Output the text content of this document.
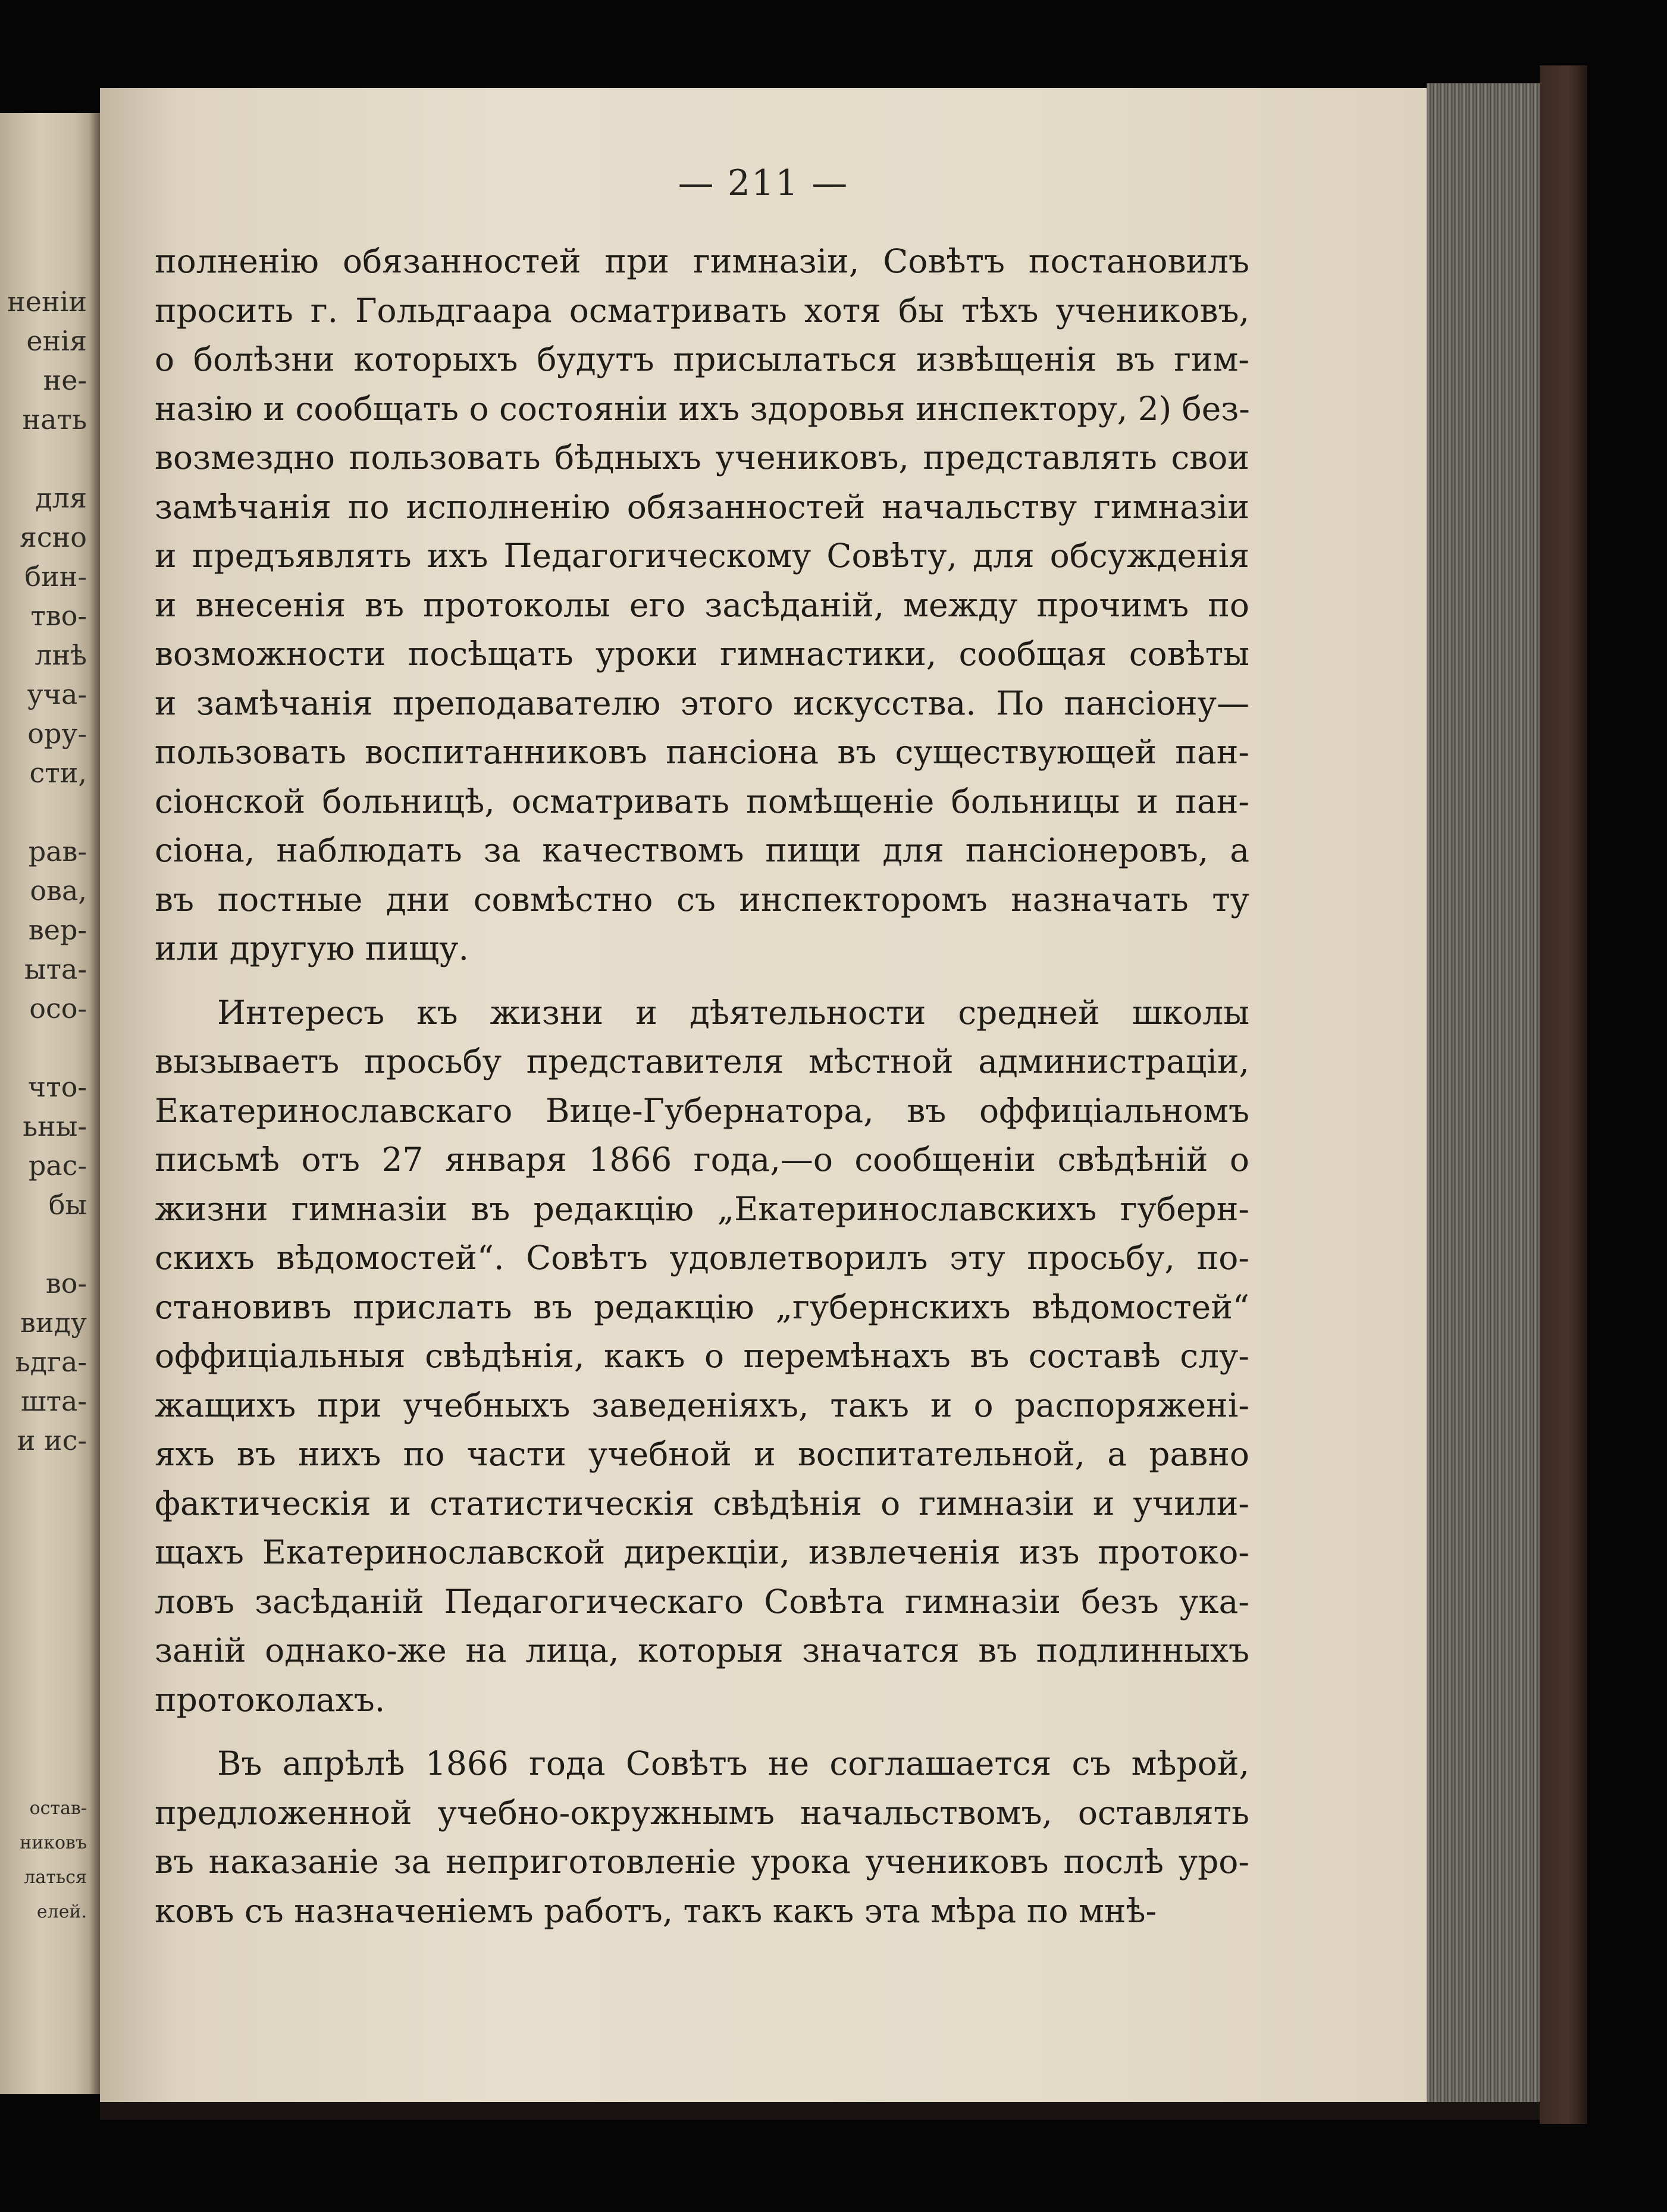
ненiи
енiя
не-
нать
для
ясно
бин-
тво-
лнѣ
уча-
ору-
сти,
рав-
ова,
вер-
ыта-
осо-
что-
ьны-
рас-
бы
во-
виду
ьдга-
шта-
и ис-
остав-
никовъ
латься
елей.
— 211 —
полненiю обязанностей при гимназiи, Совѣтъ постановилъ
просить г. Гольдгаара осматривать хотя бы тѣхъ учениковъ,
о болѣзни которыхъ будутъ присылаться извѣщенiя въ гим-
назiю и сообщать о состоянiи ихъ здоровья инспектору, 2) без-
возмездно пользовать бѣдныхъ учениковъ, представлять свои
замѣчанiя по исполненiю обязанностей начальству гимназiи
и предъявлять ихъ Педагогическому Совѣту, для обсужденiя
и внесенiя въ протоколы его засѣданiй, между прочимъ по
возможности посѣщать уроки гимнастики, сообщая совѣты
и замѣчанiя преподавателю этого искусства. По пансiону—
пользовать воспитанниковъ пансiона въ существующей пан-
сiонской больницѣ, осматривать помѣщенiе больницы и пан-
сiона, наблюдать за качествомъ пищи для пансiонеровъ, а
въ постные дни совмѣстно съ инспекторомъ назначать ту
или другую пищу.
Интересъ къ жизни и дѣятельности средней школы
вызываетъ просьбу представителя мѣстной администрацiи,
Екатеринославскаго Вице-Губернатора, въ оффицiальномъ
письмѣ отъ 27 января 1866 года,—о сообщенiи свѣдѣнiй о
жизни гимназiи въ редакцiю „Екатеринославскихъ губерн-
скихъ вѣдомостей“. Совѣтъ удовлетворилъ эту просьбу, по-
становивъ прислать въ редакцiю „губернскихъ вѣдомостей“
оффицiальныя свѣдѣнiя, какъ о перемѣнахъ въ составѣ слу-
жащихъ при учебныхъ заведенiяхъ, такъ и о распоряженi-
яхъ въ нихъ по части учебной и воспитательной, а равно
фактическiя и статистическiя свѣдѣнiя о гимназiи и учили-
щахъ Екатеринославской дирекцiи, извлеченiя изъ протоко-
ловъ засѣданiй Педагогическаго Совѣта гимназiи безъ ука-
занiй однако-же на лица, которыя значатся въ подлинныхъ
протоколахъ.
Въ апрѣлѣ 1866 года Совѣтъ не соглашается съ мѣрой,
предложенной учебно-окружнымъ начальствомъ, оставлять
въ наказанiе за неприготовленiе урока учениковъ послѣ уро-
ковъ съ назначенiемъ работъ, такъ какъ эта мѣра по мнѣ-
